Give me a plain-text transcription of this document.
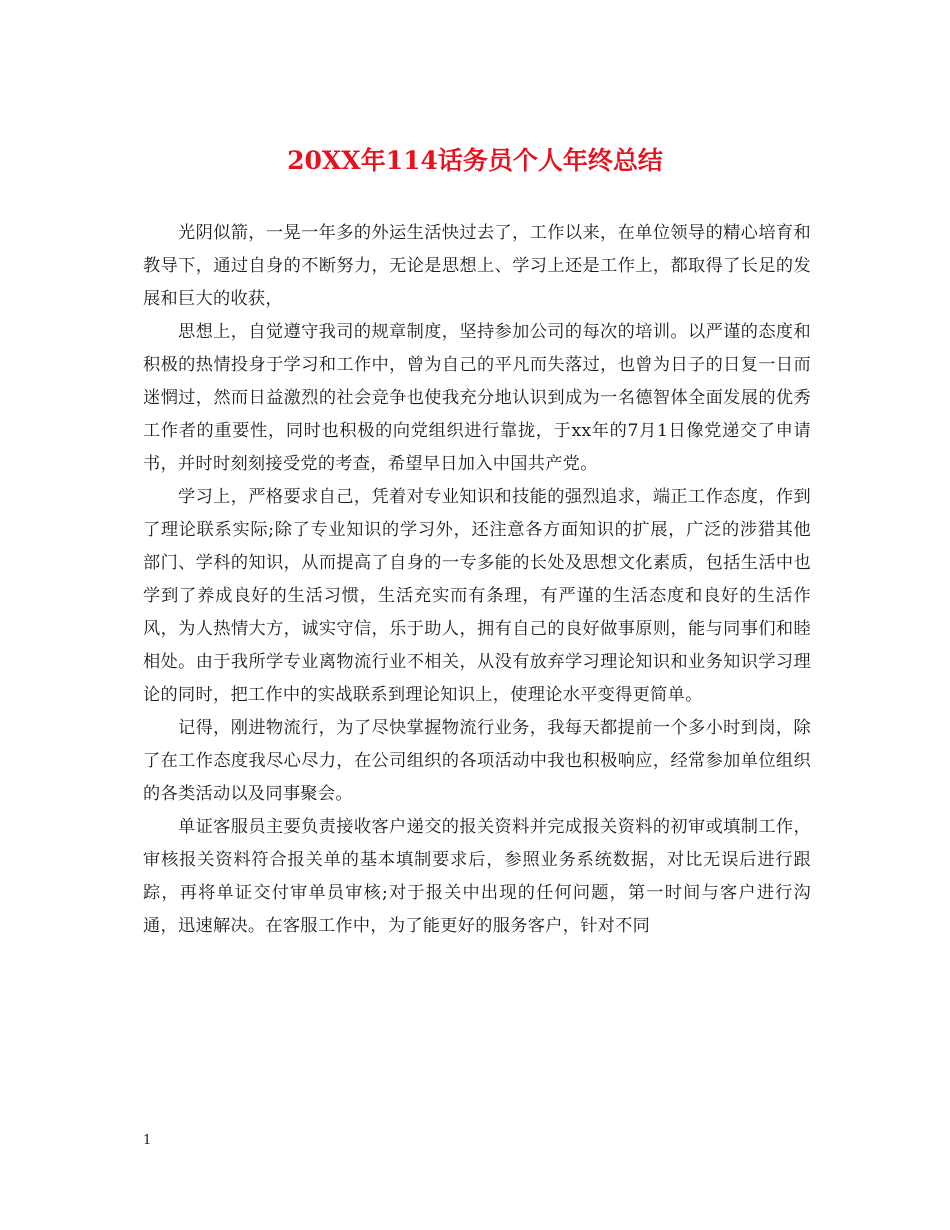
20XX年114话务员个人年终总结

光阴似箭，一晃一年多的外运生活快过去了，工作以来，在单位领导的精心培育和教导下，通过自身的不断努力，无论是思想上、学习上还是工作上，都取得了长足的发展和巨大的收获，

思想上，自觉遵守我司的规章制度，坚持参加公司的每次的培训。以严谨的态度和积极的热情投身于学习和工作中，曾为自己的平凡而失落过，也曾为日子的日复一日而迷惘过，然而日益激烈的社会竞争也使我充分地认识到成为一名德智体全面发展的优秀工作者的重要性，同时也积极的向党组织进行靠拢，于xx年的7月1日像党递交了申请书，并时时刻刻接受党的考查，希望早日加入中国共产党。

学习上，严格要求自己，凭着对专业知识和技能的强烈追求，端正工作态度，作到了理论联系实际;除了专业知识的学习外，还注意各方面知识的扩展，广泛的涉猎其他部门、学科的知识，从而提高了自身的一专多能的长处及思想文化素质，包括生活中也学到了养成良好的生活习惯，生活充实而有条理，有严谨的生活态度和良好的生活作风，为人热情大方，诚实守信，乐于助人，拥有自己的良好做事原则，能与同事们和睦相处。由于我所学专业离物流行业不相关，从没有放弃学习理论知识和业务知识学习理论的同时，把工作中的实战联系到理论知识上，使理论水平变得更简单。

记得，刚进物流行，为了尽快掌握物流行业务，我每天都提前一个多小时到岗，除了在工作态度我尽心尽力，在公司组织的各项活动中我也积极响应，经常参加单位组织的各类活动以及同事聚会。

单证客服员主要负责接收客户递交的报关资料并完成报关资料的初审或填制工作，审核报关资料符合报关单的基本填制要求后，参照业务系统数据，对比无误后进行跟踪，再将单证交付审单员审核;对于报关中出现的任何问题，第一时间与客户进行沟通，迅速解决。在客服工作中，为了能更好的服务客户，针对不同

1
